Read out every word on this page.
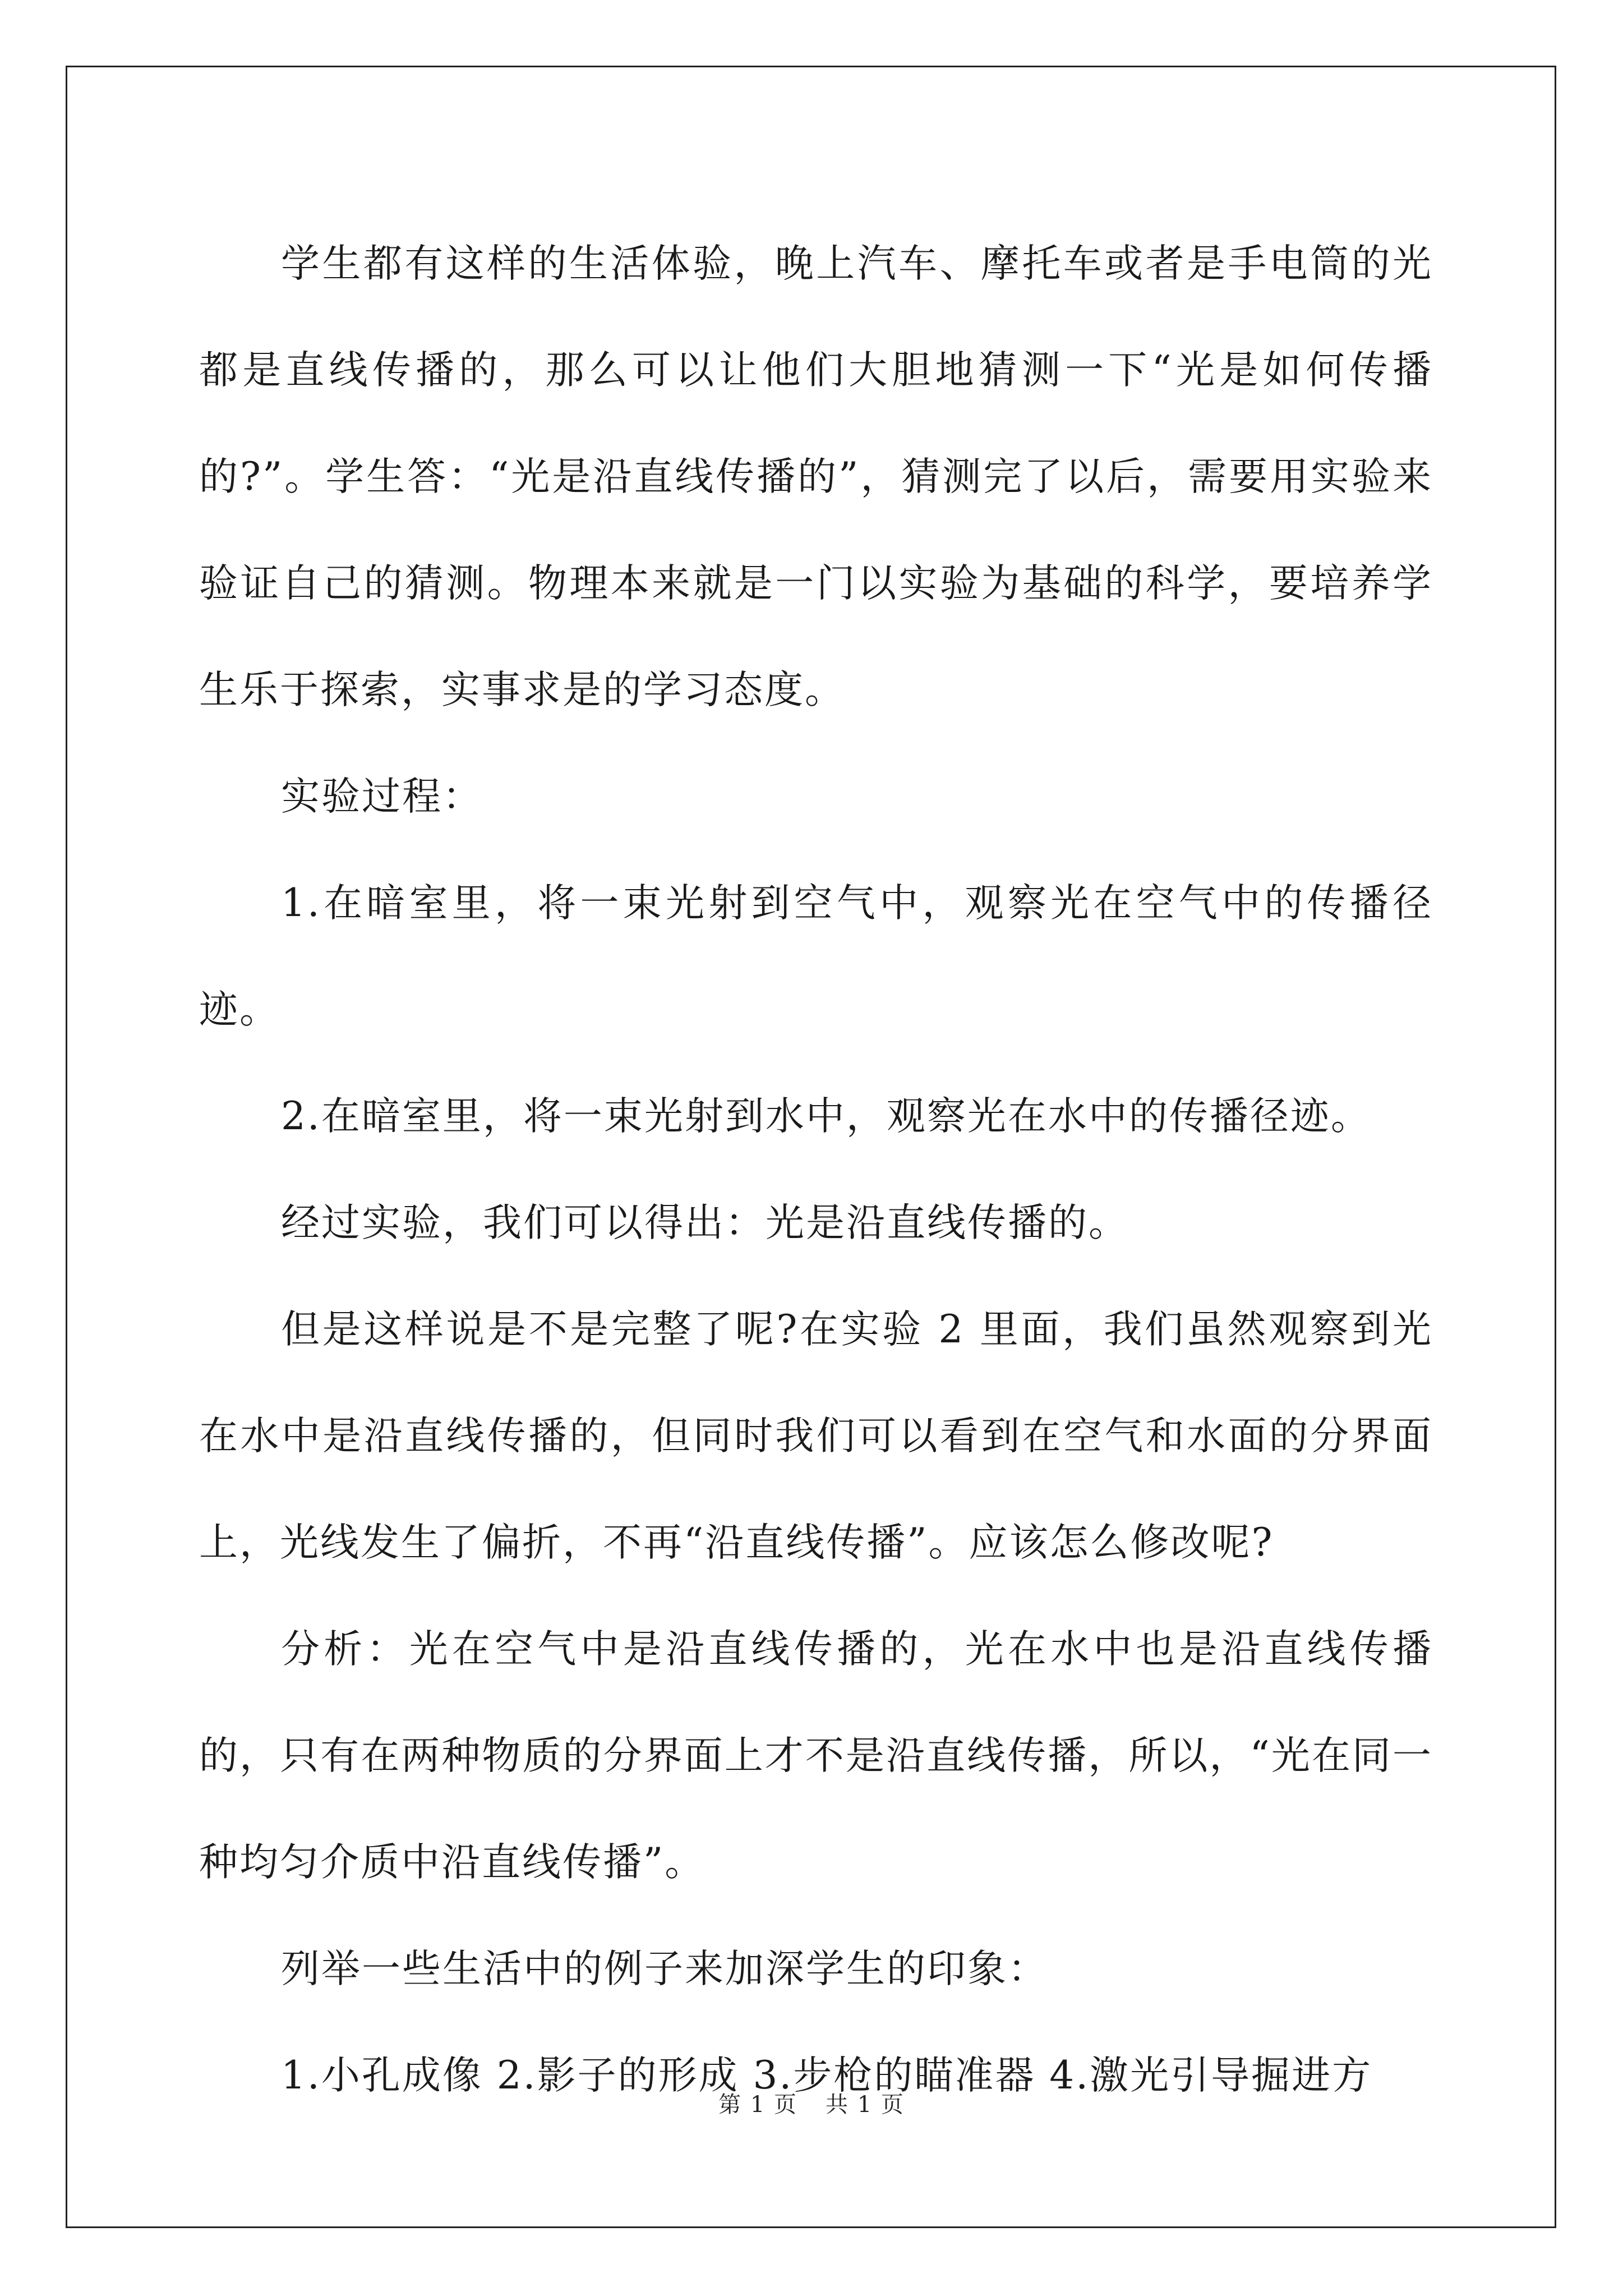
学生都有这样的生活体验，晚上汽车、摩托车或者是手电筒的光都是直线传播的，那么可以让他们大胆地猜测一下“光是如何传播的?”。学生答：“光是沿直线传播的”，猜测完了以后，需要用实验来验证自己的猜测。物理本来就是一门以实验为基础的科学，要培养学生乐于探索，实事求是的学习态度。

实验过程：

1.在暗室里，将一束光射到空气中，观察光在空气中的传播径迹。

2.在暗室里，将一束光射到水中，观察光在水中的传播径迹。

经过实验，我们可以得出：光是沿直线传播的。

但是这样说是不是完整了呢?在实验 2 里面，我们虽然观察到光在水中是沿直线传播的，但同时我们可以看到在空气和水面的分界面上，光线发生了偏折，不再“沿直线传播”。应该怎么修改呢?

分析：光在空气中是沿直线传播的，光在水中也是沿直线传播的，只有在两种物质的分界面上才不是沿直线传播，所以，“光在同一种均匀介质中沿直线传播”。

列举一些生活中的例子来加深学生的印象：

1.小孔成像 2.影子的形成 3.步枪的瞄准器 4.激光引导掘进方

第 1 页 共 1 页
